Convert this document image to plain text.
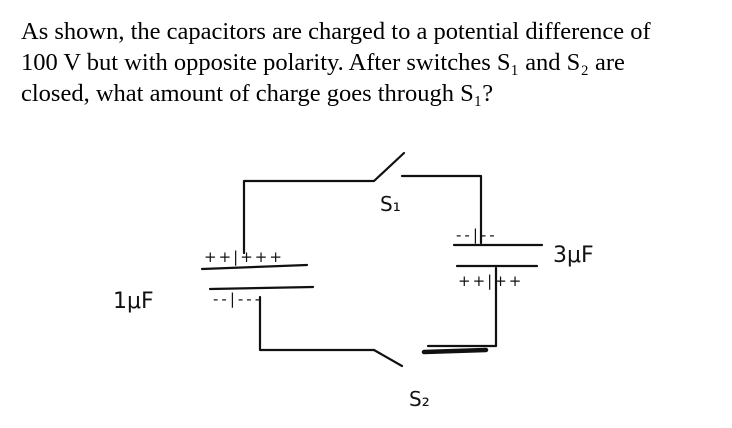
As shown, the capacitors are charged to a potential difference of
100 V but with opposite polarity. After switches S₁ and S₂ are
closed, what amount of charge goes through S₁?
++|+++
--|---
--|--
++|++
1μF
3μF
S₁
S₂
